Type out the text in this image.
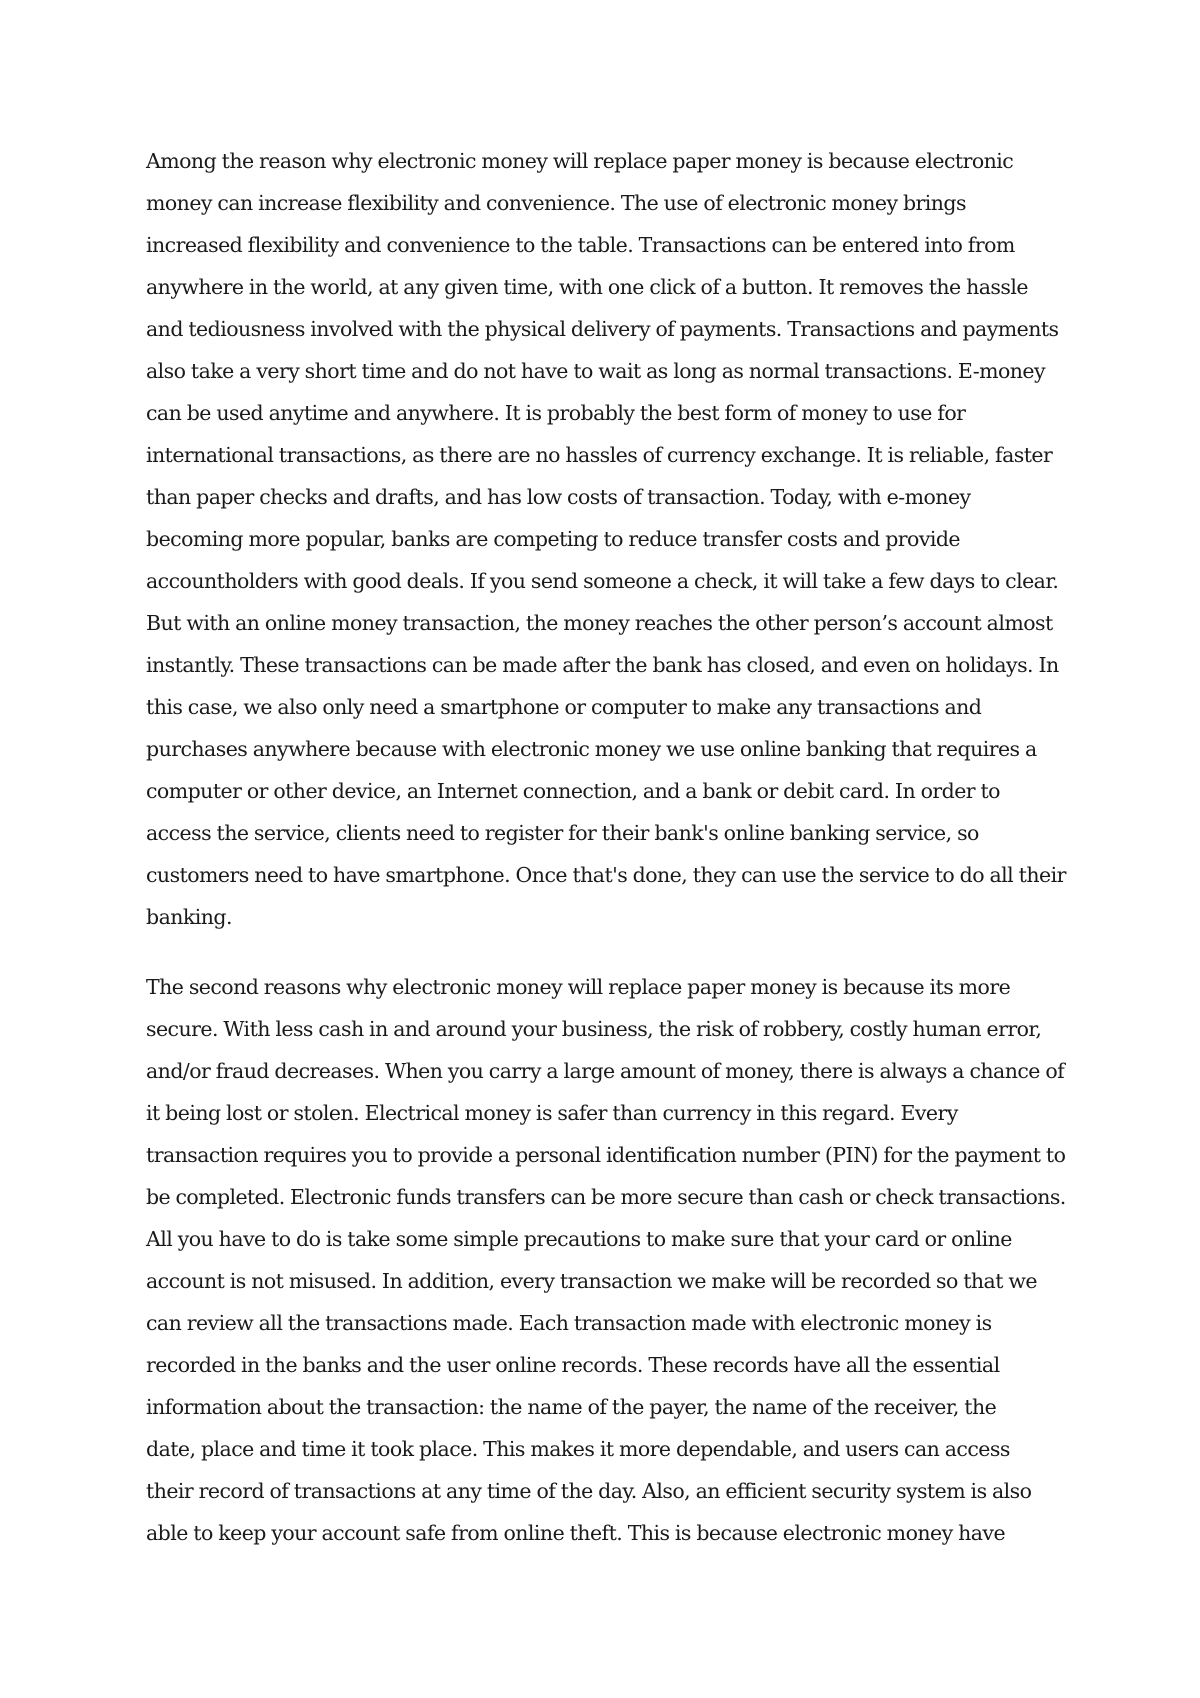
Among the reason why electronic money will replace paper money is because electronic
money can increase flexibility and convenience. The use of electronic money brings
increased flexibility and convenience to the table. Transactions can be entered into from
anywhere in the world, at any given time, with one click of a button. It removes the hassle
and tediousness involved with the physical delivery of payments. Transactions and payments
also take a very short time and do not have to wait as long as normal transactions. E-money
can be used anytime and anywhere. It is probably the best form of money to use for
international transactions, as there are no hassles of currency exchange. It is reliable, faster
than paper checks and drafts, and has low costs of transaction. Today, with e-money
becoming more popular, banks are competing to reduce transfer costs and provide
accountholders with good deals. If you send someone a check, it will take a few days to clear.
But with an online money transaction, the money reaches the other person’s account almost
instantly. These transactions can be made after the bank has closed, and even on holidays. In
this case, we also only need a smartphone or computer to make any transactions and
purchases anywhere because with electronic money we use online banking that requires a
computer or other device, an Internet connection, and a bank or debit card. In order to
access the service, clients need to register for their bank's online banking service, so
customers need to have smartphone. Once that's done, they can use the service to do all their
banking.
The second reasons why electronic money will replace paper money is because its more
secure. With less cash in and around your business, the risk of robbery, costly human error,
and/or fraud decreases. When you carry a large amount of money, there is always a chance of
it being lost or stolen. Electrical money is safer than currency in this regard. Every
transaction requires you to provide a personal identification number (PIN) for the payment to
be completed. Electronic funds transfers can be more secure than cash or check transactions.
All you have to do is take some simple precautions to make sure that your card or online
account is not misused. In addition, every transaction we make will be recorded so that we
can review all the transactions made. Each transaction made with electronic money is
recorded in the banks and the user online records. These records have all the essential
information about the transaction: the name of the payer, the name of the receiver, the
date, place and time it took place. This makes it more dependable, and users can access
their record of transactions at any time of the day. Also, an efficient security system is also
able to keep your account safe from online theft. This is because electronic money have
